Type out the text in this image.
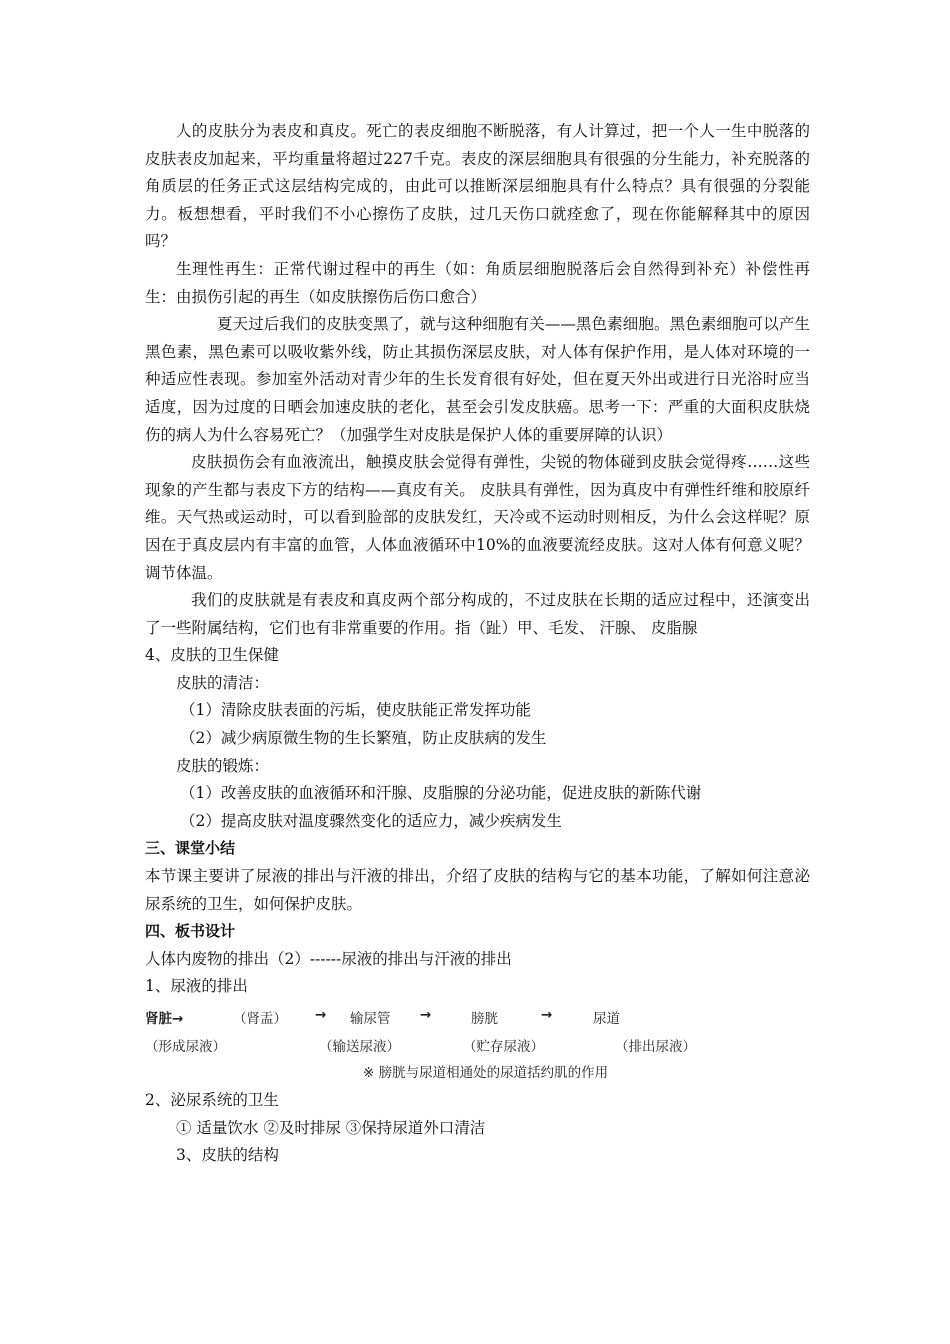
人的皮肤分为表皮和真皮。死亡的表皮细胞不断脱落，有人计算过，把一个人一生中脱落的皮肤表皮加起来，平均重量将超过227千克。表皮的深层细胞具有很强的分生能力，补充脱落的角质层的任务正式这层结构完成的，由此可以推断深层细胞具有什么特点？具有很强的分裂能力。板想想看，平时我们不小心擦伤了皮肤，过几天伤口就痊愈了，现在你能解释其中的原因吗？

生理性再生：正常代谢过程中的再生（如：角质层细胞脱落后会自然得到补充）补偿性再生：由损伤引起的再生（如皮肤擦伤后伤口愈合）

夏天过后我们的皮肤变黑了，就与这种细胞有关——黑色素细胞。黑色素细胞可以产生黑色素，黑色素可以吸收紫外线，防止其损伤深层皮肤，对人体有保护作用，是人体对环境的一种适应性表现。参加室外活动对青少年的生长发育很有好处，但在夏天外出或进行日光浴时应当适度，因为过度的日晒会加速皮肤的老化，甚至会引发皮肤癌。思考一下：严重的大面积皮肤烧伤的病人为什么容易死亡？（加强学生对皮肤是保护人体的重要屏障的认识）

皮肤损伤会有血液流出，触摸皮肤会觉得有弹性，尖锐的物体碰到皮肤会觉得疼……这些现象的产生都与表皮下方的结构——真皮有关。 皮肤具有弹性，因为真皮中有弹性纤维和胶原纤维。天气热或运动时，可以看到脸部的皮肤发红，天冷或不运动时则相反，为什么会这样呢？原因在于真皮层内有丰富的血管，人体血液循环中10%的血液要流经皮肤。这对人体有何意义呢？调节体温。

我们的皮肤就是有表皮和真皮两个部分构成的，不过皮肤在长期的适应过程中，还演变出了一些附属结构，它们也有非常重要的作用。指（趾）甲、毛发、 汗腺、 皮脂腺

4、皮肤的卫生保健

皮肤的清洁：

（1）清除皮肤表面的污垢，使皮肤能正常发挥功能

（2）减少病原微生物的生长繁殖，防止皮肤病的发生

皮肤的锻炼：

（1）改善皮肤的血液循环和汗腺、皮脂腺的分泌功能，促进皮肤的新陈代谢

（2）提高皮肤对温度骤然变化的适应力，减少疾病发生

三、课堂小结

本节课主要讲了尿液的排出与汗液的排出，介绍了皮肤的结构与它的基本功能，了解如何注意泌尿系统的卫生，如何保护皮肤。

四、板书设计

人体内废物的排出（2）------尿液的排出与汗液的排出

1、尿液的排出

肾脏→	（肾盂） → 输尿管 →	膀胱	→	尿道
（形成尿液）	（输送尿液）	（贮存尿液）	（排出尿液）
※ 膀胱与尿道相通处的尿道括约肌的作用

2、泌尿系统的卫生

① 适量饮水 ②及时排尿 ③保持尿道外口清洁

3、皮肤的结构
